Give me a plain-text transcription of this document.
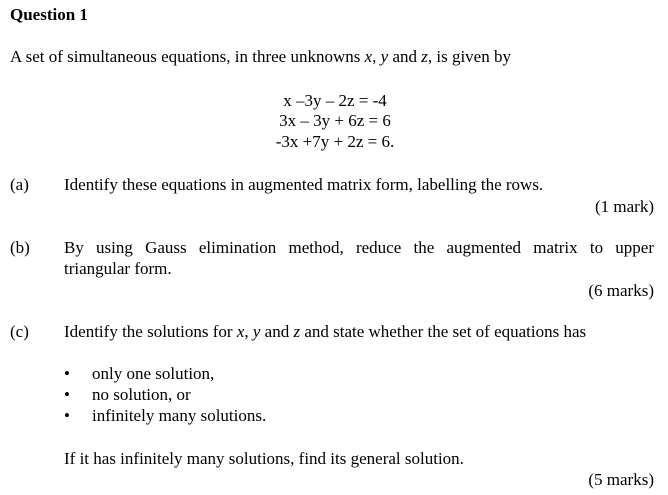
Question 1
A set of simultaneous equations, in three unknowns x, y and z, is given by
x –3y – 2z = -4
3x – 3y + 6z = 6
-3x +7y + 2z = 6.
(a) Identify these equations in augmented matrix form, labelling the rows.
(1 mark)
(b) By using Gauss elimination method, reduce the augmented matrix to upper
triangular form.
(6 marks)
(c) Identify the solutions for x, y and z and state whether the set of equations has
• only one solution,
• no solution, or
• infinitely many solutions.
If it has infinitely many solutions, find its general solution.
(5 marks)
